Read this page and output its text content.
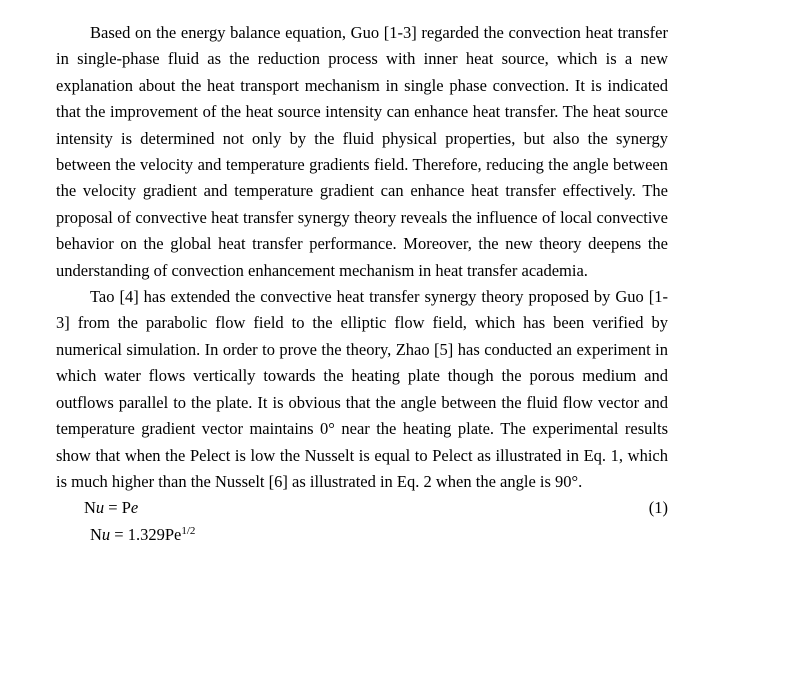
Based on the energy balance equation, Guo [1-3] regarded the convection heat transfer in single-phase fluid as the reduction process with inner heat source, which is a new explanation about the heat transport mechanism in single phase convection. It is indicated that the improvement of the heat source intensity can enhance heat transfer. The heat source intensity is determined not only by the fluid physical properties, but also the synergy between the velocity and temperature gradients field. Therefore, reducing the angle between the velocity gradient and temperature gradient can enhance heat transfer effectively. The proposal of convective heat transfer synergy theory reveals the influence of local convective behavior on the global heat transfer performance. Moreover, the new theory deepens the understanding of convection enhancement mechanism in heat transfer academia.

Tao [4] has extended the convective heat transfer synergy theory proposed by Guo [1-3] from the parabolic flow field to the elliptic flow field, which has been verified by numerical simulation. In order to prove the theory, Zhao [5] has conducted an experiment in which water flows vertically towards the heating plate though the porous medium and outflows parallel to the plate. It is obvious that the angle between the fluid flow vector and temperature gradient vector maintains 0° near the heating plate. The experimental results show that when the Pelect is low the Nusselt is equal to Pelect as illustrated in Eq. 1, which is much higher than the Nusselt [6] as illustrated in Eq. 2 when the angle is 90°.

Nu = Pe	(1)
$Nu = 1.329Pe^{1/2}$
